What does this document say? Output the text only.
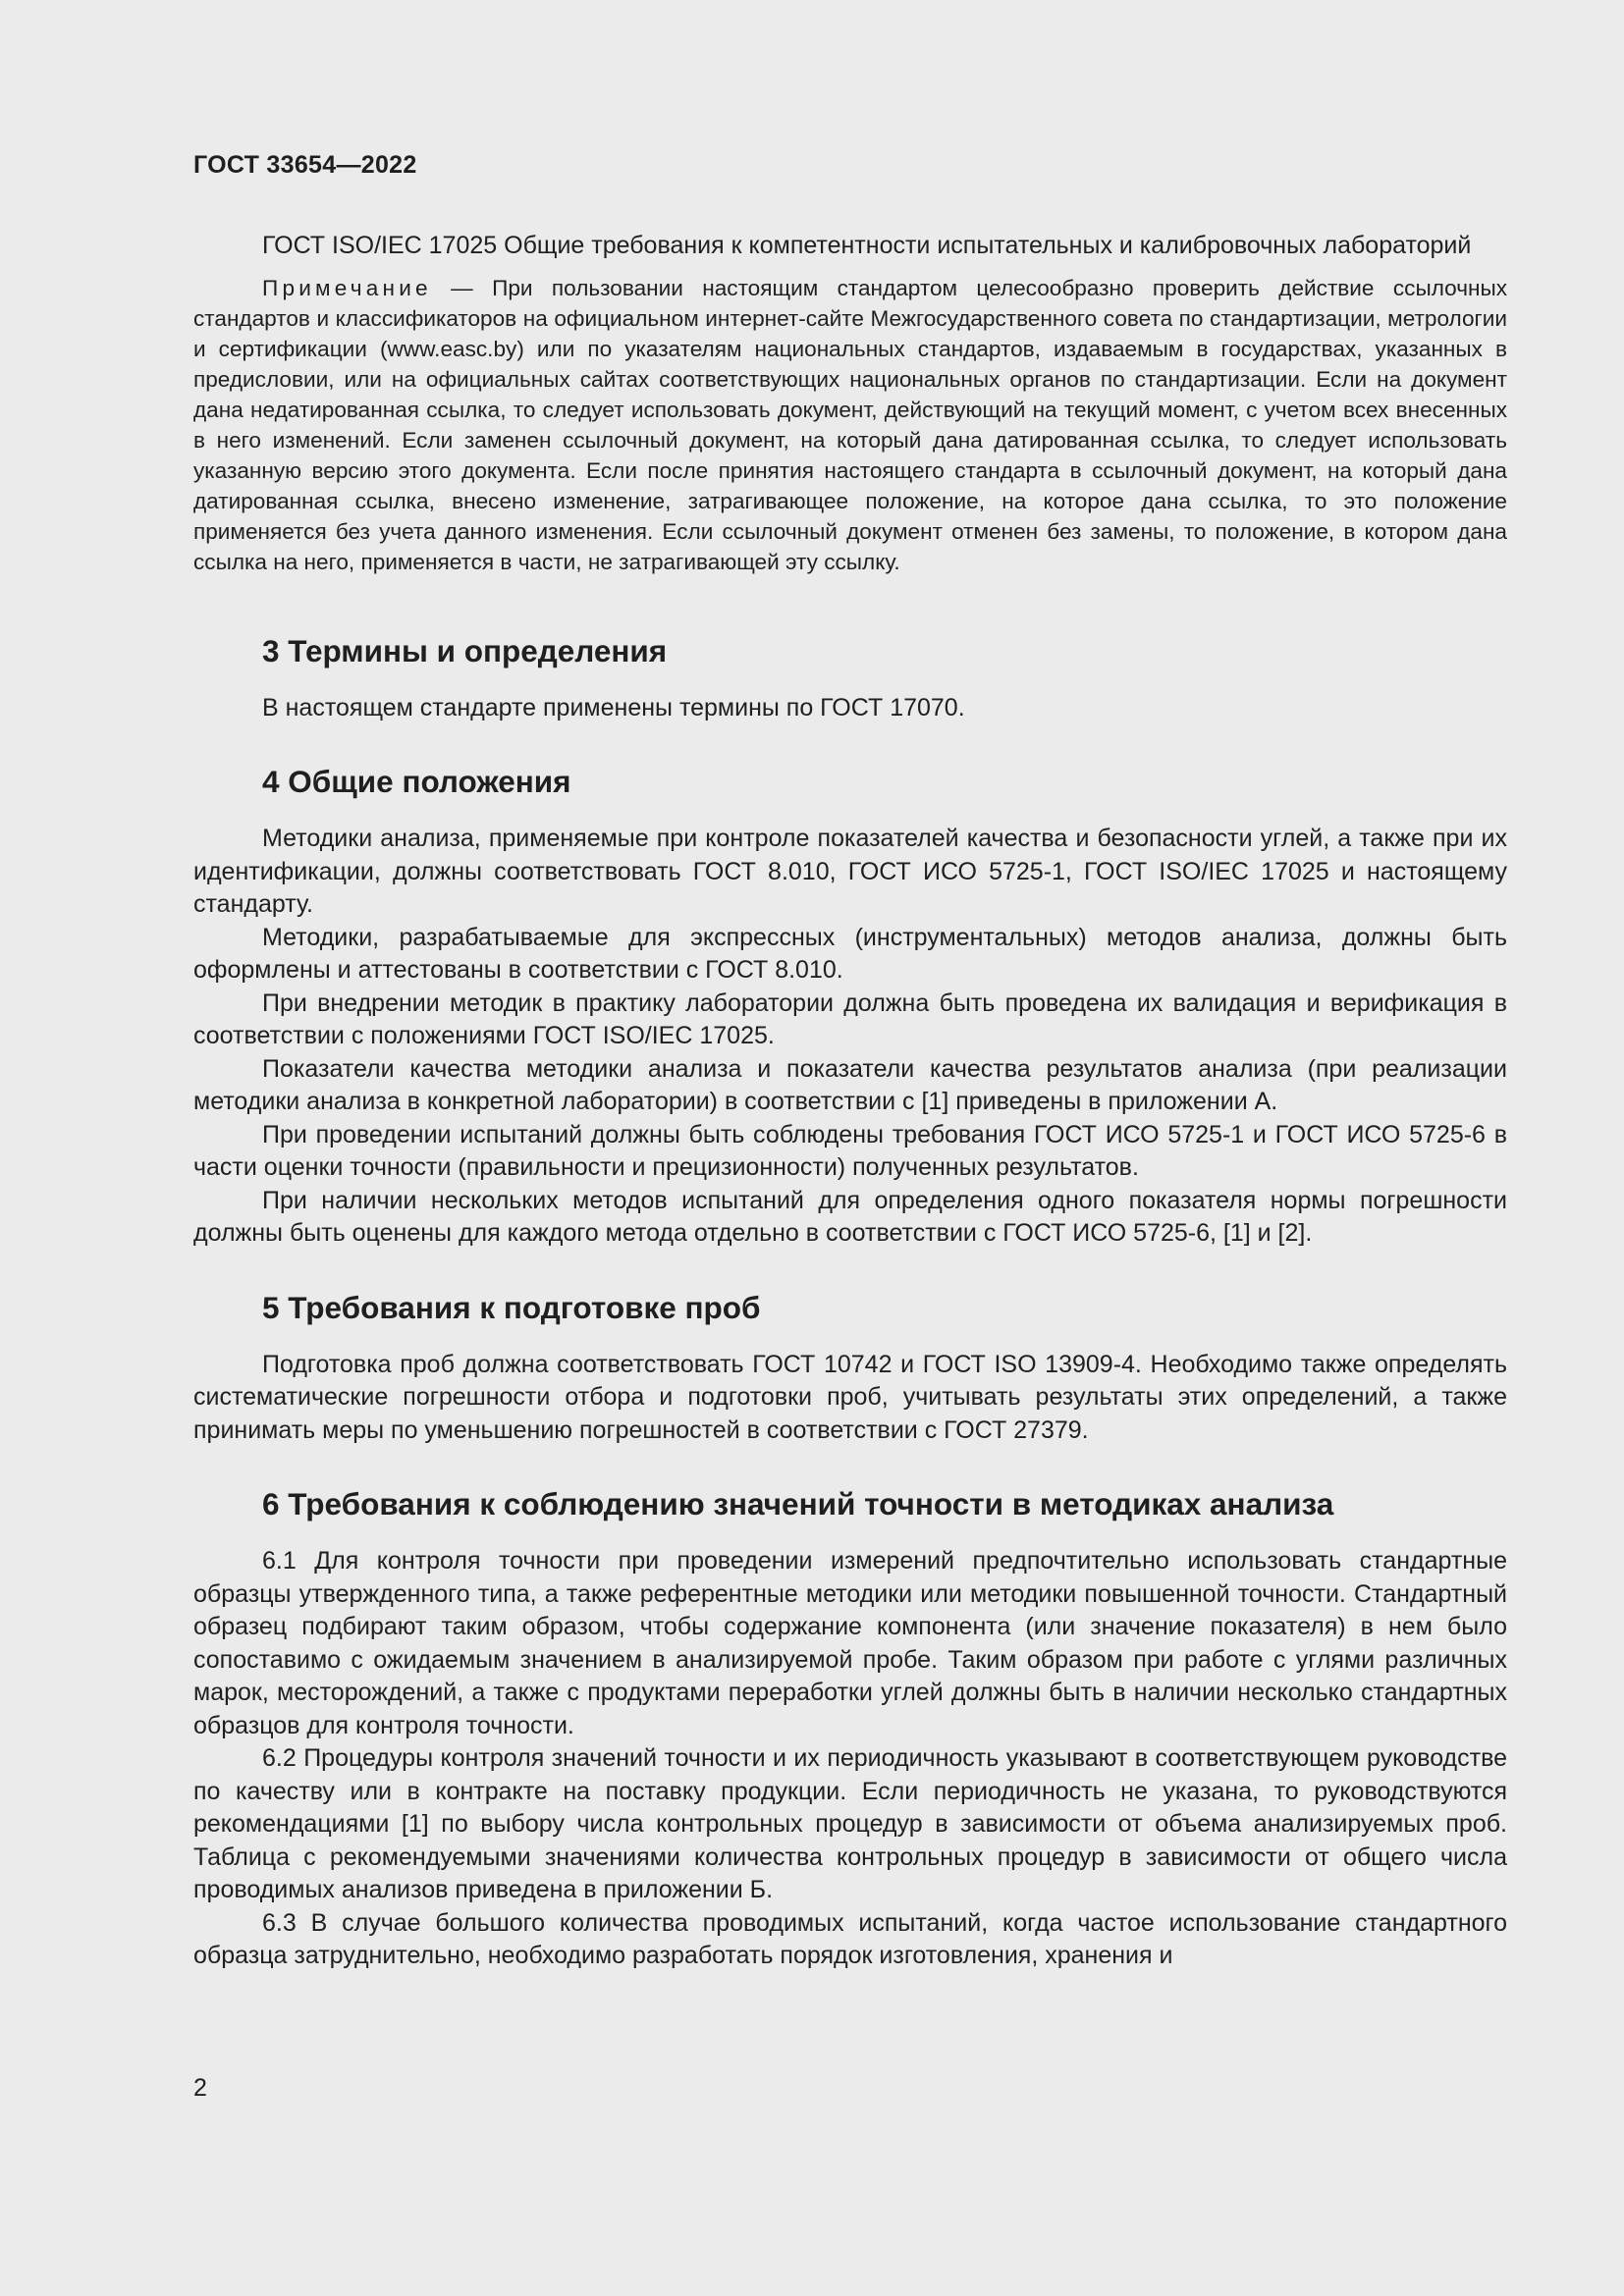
ГОСТ 33654—2022

ГОСТ ISO/IEC 17025 Общие требования к компетентности испытательных и калибровочных лабораторий

Примечание — При пользовании настоящим стандартом целесообразно проверить действие ссылочных стандартов и классификаторов на официальном интернет-сайте Межгосударственного совета по стандартизации, метрологии и сертификации (www.easc.by) или по указателям национальных стандартов, издаваемым в государствах, указанных в предисловии, или на официальных сайтах соответствующих национальных органов по стандартизации. Если на документ дана недатированная ссылка, то следует использовать документ, действующий на текущий момент, с учетом всех внесенных в него изменений. Если заменен ссылочный документ, на который дана датированная ссылка, то следует использовать указанную версию этого документа. Если после принятия настоящего стандарта в ссылочный документ, на который дана датированная ссылка, внесено изменение, затрагивающее положение, на которое дана ссылка, то это положение применяется без учета данного изменения. Если ссылочный документ отменен без замены, то положение, в котором дана ссылка на него, применяется в части, не затрагивающей эту ссылку.

3 Термины и определения

В настоящем стандарте применены термины по ГОСТ 17070.

4 Общие положения

Методики анализа, применяемые при контроле показателей качества и безопасности углей, а также при их идентификации, должны соответствовать ГОСТ 8.010, ГОСТ ИСО 5725-1, ГОСТ ISO/IEC 17025 и настоящему стандарту.

Методики, разрабатываемые для экспрессных (инструментальных) методов анализа, должны быть оформлены и аттестованы в соответствии с ГОСТ 8.010.

При внедрении методик в практику лаборатории должна быть проведена их валидация и верификация в соответствии с положениями ГОСТ ISO/IEC 17025.

Показатели качества методики анализа и показатели качества результатов анализа (при реализации методики анализа в конкретной лаборатории) в соответствии с [1] приведены в приложении А.

При проведении испытаний должны быть соблюдены требования ГОСТ ИСО 5725-1 и ГОСТ ИСО 5725-6 в части оценки точности (правильности и прецизионности) полученных результатов.

При наличии нескольких методов испытаний для определения одного показателя нормы погрешности должны быть оценены для каждого метода отдельно в соответствии с ГОСТ ИСО 5725-6, [1] и [2].

5 Требования к подготовке проб

Подготовка проб должна соответствовать ГОСТ 10742 и ГОСТ ISO 13909-4. Необходимо также определять систематические погрешности отбора и подготовки проб, учитывать результаты этих определений, а также принимать меры по уменьшению погрешностей в соответствии с ГОСТ 27379.

6 Требования к соблюдению значений точности в методиках анализа

6.1 Для контроля точности при проведении измерений предпочтительно использовать стандартные образцы утвержденного типа, а также референтные методики или методики повышенной точности. Стандартный образец подбирают таким образом, чтобы содержание компонента (или значение показателя) в нем было сопоставимо с ожидаемым значением в анализируемой пробе. Таким образом при работе с углями различных марок, месторождений, а также с продуктами переработки углей должны быть в наличии несколько стандартных образцов для контроля точности.

6.2 Процедуры контроля значений точности и их периодичность указывают в соответствующем руководстве по качеству или в контракте на поставку продукции. Если периодичность не указана, то руководствуются рекомендациями [1] по выбору числа контрольных процедур в зависимости от объема анализируемых проб. Таблица с рекомендуемыми значениями количества контрольных процедур в зависимости от общего числа проводимых анализов приведена в приложении Б.

6.3 В случае большого количества проводимых испытаний, когда частое использование стандартного образца затруднительно, необходимо разработать порядок изготовления, хранения и

2
